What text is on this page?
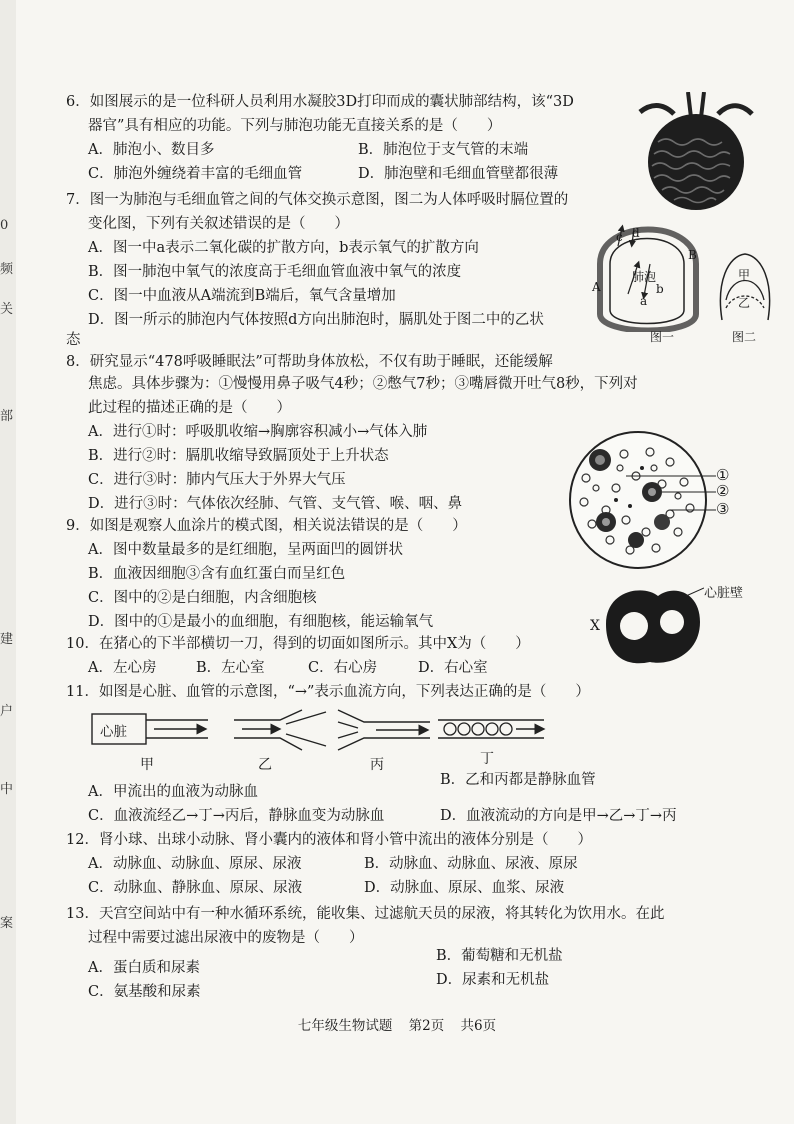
0
频
关
部
建
户
中
案
6．如图展示的是一位科研人员利用水凝胶3D打印而成的囊状肺部结构，该“3D
器官”具有相应的功能。下列与肺泡功能无直接关系的是（　　）
A．肺泡小、数目多	B．肺泡位于支气管的末端
C．肺泡外缠绕着丰富的毛细血管	D．肺泡壁和毛细血管壁都很薄
7．图一为肺泡与毛细血管之间的气体交换示意图，图二为人体呼吸时膈位置的
变化图，下列有关叙述错误的是（　　）
A．图一中a表示二氧化碳的扩散方向，b表示氧气的扩散方向
B．图一肺泡中氧气的浓度高于毛细血管血液中氧气的浓度
C．图一中血液从A端流到B端后，氧气含量增加
D．图一所示的肺泡内气体按照d方向出肺泡时，膈肌处于图二中的乙状
态
肺泡
A
B
a
b
c d
图一
甲
乙
图二
8．研究显示“478呼吸睡眠法”可帮助身体放松，不仅有助于睡眠，还能缓解
焦虑。具体步骤为：①慢慢用鼻子吸气4秒；②憋气7秒；③嘴唇微开吐气8秒，下列对
此过程的描述正确的是（　　）
A．进行①时：呼吸肌收缩→胸廓容积减小→气体入肺
B．进行②时：膈肌收缩导致膈顶处于上升状态
C．进行③时：肺内气压大于外界大气压
D．进行③时：气体依次经肺、气管、支气管、喉、咽、鼻
①
②
③
9．如图是观察人血涂片的模式图，相关说法错误的是（　　）
A．图中数量最多的是红细胞，呈两面凹的圆饼状
B．血液因细胞③含有血红蛋白而呈红色
C．图中的②是白细胞，内含细胞核
D．图中的①是最小的血细胞，有细胞核，能运输氧气	X
心脏壁
10．在猪心的下半部横切一刀，得到的切面如图所示。其中X为（　　）
A．左心房	B．左心室	C．右心房	D．右心室
11．如图是心脏、血管的示意图，“→”表示血流方向，下列表达正确的是（　　）
心脏
甲	乙	丙	丁
A．甲流出的血液为动脉血
B．乙和丙都是静脉血管
C．血液流经乙→丁→丙后，静脉血变为动脉血	D．血液流动的方向是甲→乙→丁→丙
12．肾小球、出球小动脉、肾小囊内的液体和肾小管中流出的液体分别是（　　）
A．动脉血、动脉血、原尿、尿液	B．动脉血、动脉血、尿液、原尿
C．动脉血、静脉血、原尿、尿液	D．动脉血、原尿、血浆、尿液
13．天宫空间站中有一种水循环系统，能收集、过滤航天员的尿液，将其转化为饮用水。在此
过程中需要过滤出尿液中的废物是（　　）
A．蛋白质和尿素
B．葡萄糖和无机盐
C．氨基酸和尿素
D．尿素和无机盐
七年级生物试题 第2页 共6页
